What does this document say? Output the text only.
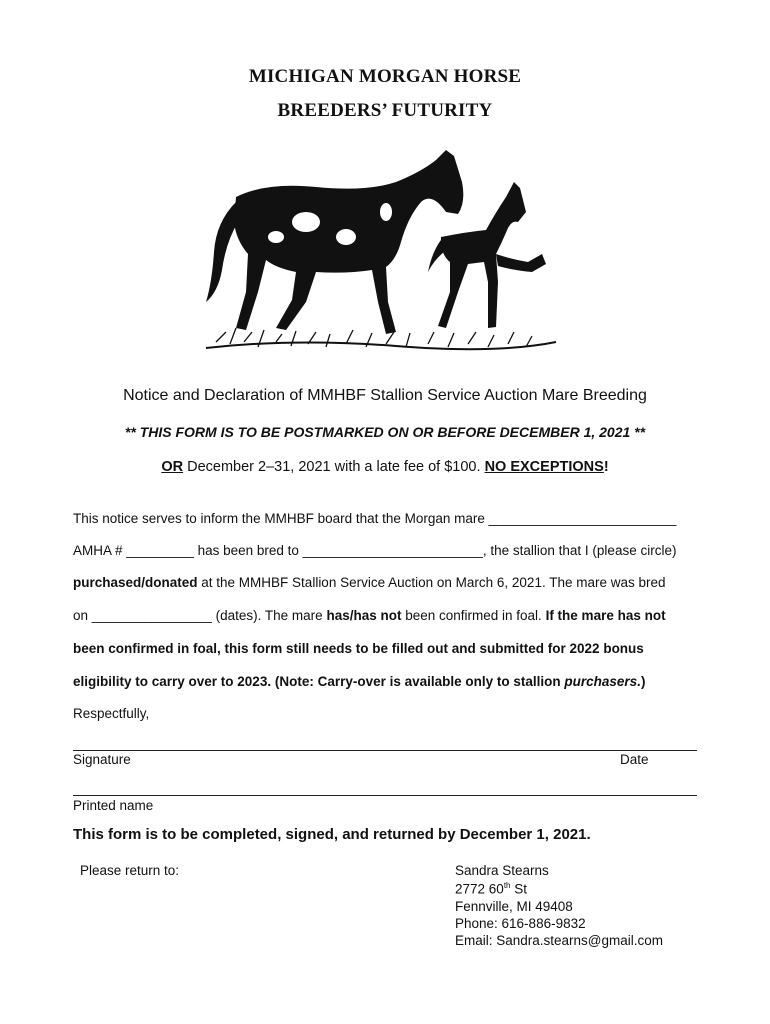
MICHIGAN MORGAN HORSE
BREEDERS’ FUTURITY
Notice and Declaration of MMHBF Stallion Service Auction Mare Breeding
** THIS FORM IS TO BE POSTMARKED ON OR BEFORE DECEMBER 1, 2021 **
OR December 2–31, 2021 with a late fee of $100. NO EXCEPTIONS!
This notice serves to inform the MMHBF board that the Morgan mare _________________________
AMHA # _________ has been bred to ________________________, the stallion that I (please circle)
purchased/donated at the MMHBF Stallion Service Auction on March 6, 2021. The mare was bred
on ________________ (dates). The mare has/has not been confirmed in foal. If the mare has not
been confirmed in foal, this form still needs to be filled out and submitted for 2022 bonus
eligibility to carry over to 2023. (Note: Carry-over is available only to stallion purchasers.)
Respectfully,
Signature	Date
Printed name
This form is to be completed, signed, and returned by December 1, 2021.
Please return to:	Sandra Stearns
2772 60th St
Fennville, MI 49408
Phone: 616-886-9832
Email: Sandra.stearns@gmail.com
